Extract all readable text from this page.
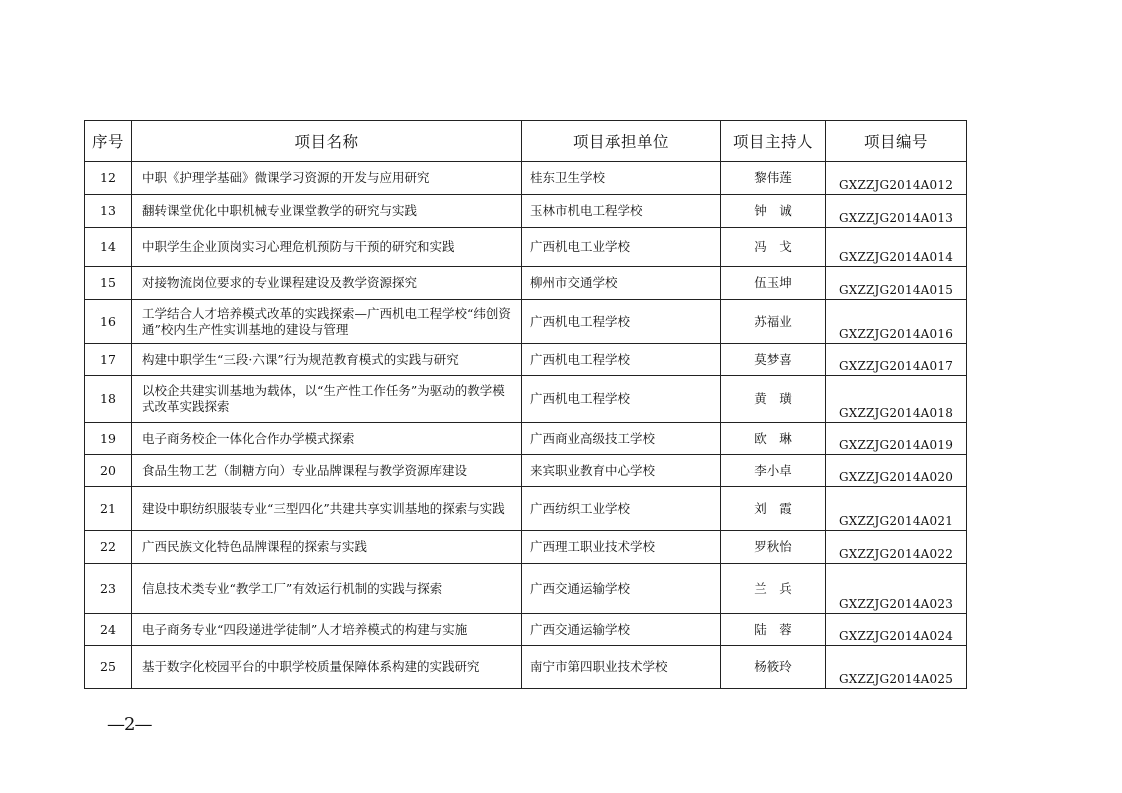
序号	项目名称	项目承担单位	项目主持人	项目编号
12	中职《护理学基础》微课学习资源的开发与应用研究	桂东卫生学校	黎伟莲	GXZZJG2014A012
13	翻转课堂优化中职机械专业课堂教学的研究与实践	玉林市机电工程学校	钟　诚	GXZZJG2014A013
14	中职学生企业顶岗实习心理危机预防与干预的研究和实践	广西机电工业学校	冯　戈	GXZZJG2014A014
15	对接物流岗位要求的专业课程建设及教学资源探究	柳州市交通学校	伍玉坤	GXZZJG2014A015
16	工学结合人才培养模式改革的实践探索—广西机电工程学校“纬创资通”校内生产性实训基地的建设与管理	广西机电工程学校	苏福业	GXZZJG2014A016
17	构建中职学生“三段·六课”行为规范教育模式的实践与研究	广西机电工程学校	莫梦喜	GXZZJG2014A017
18	以校企共建实训基地为载体，以“生产性工作任务”为驱动的教学模式改革实践探索	广西机电工程学校	黄　璜	GXZZJG2014A018
19	电子商务校企一体化合作办学模式探索	广西商业高级技工学校	欧　琳	GXZZJG2014A019
20	食品生物工艺（制糖方向）专业品牌课程与教学资源库建设	来宾职业教育中心学校	李小卓	GXZZJG2014A020
21	建设中职纺织服装专业“三型四化”共建共享实训基地的探索与实践	广西纺织工业学校	刘　霞	GXZZJG2014A021
22	广西民族文化特色品牌课程的探索与实践	广西理工职业技术学校	罗秋怡	GXZZJG2014A022
23	信息技术类专业“教学工厂”有效运行机制的实践与探索	广西交通运输学校	兰　兵	GXZZJG2014A023
24	电子商务专业“四段递进学徒制”人才培养模式的构建与实施	广西交通运输学校	陆　蓉	GXZZJG2014A024
25	基于数字化校园平台的中职学校质量保障体系构建的实践研究	南宁市第四职业技术学校	杨筱玲	GXZZJG2014A025
—2—
